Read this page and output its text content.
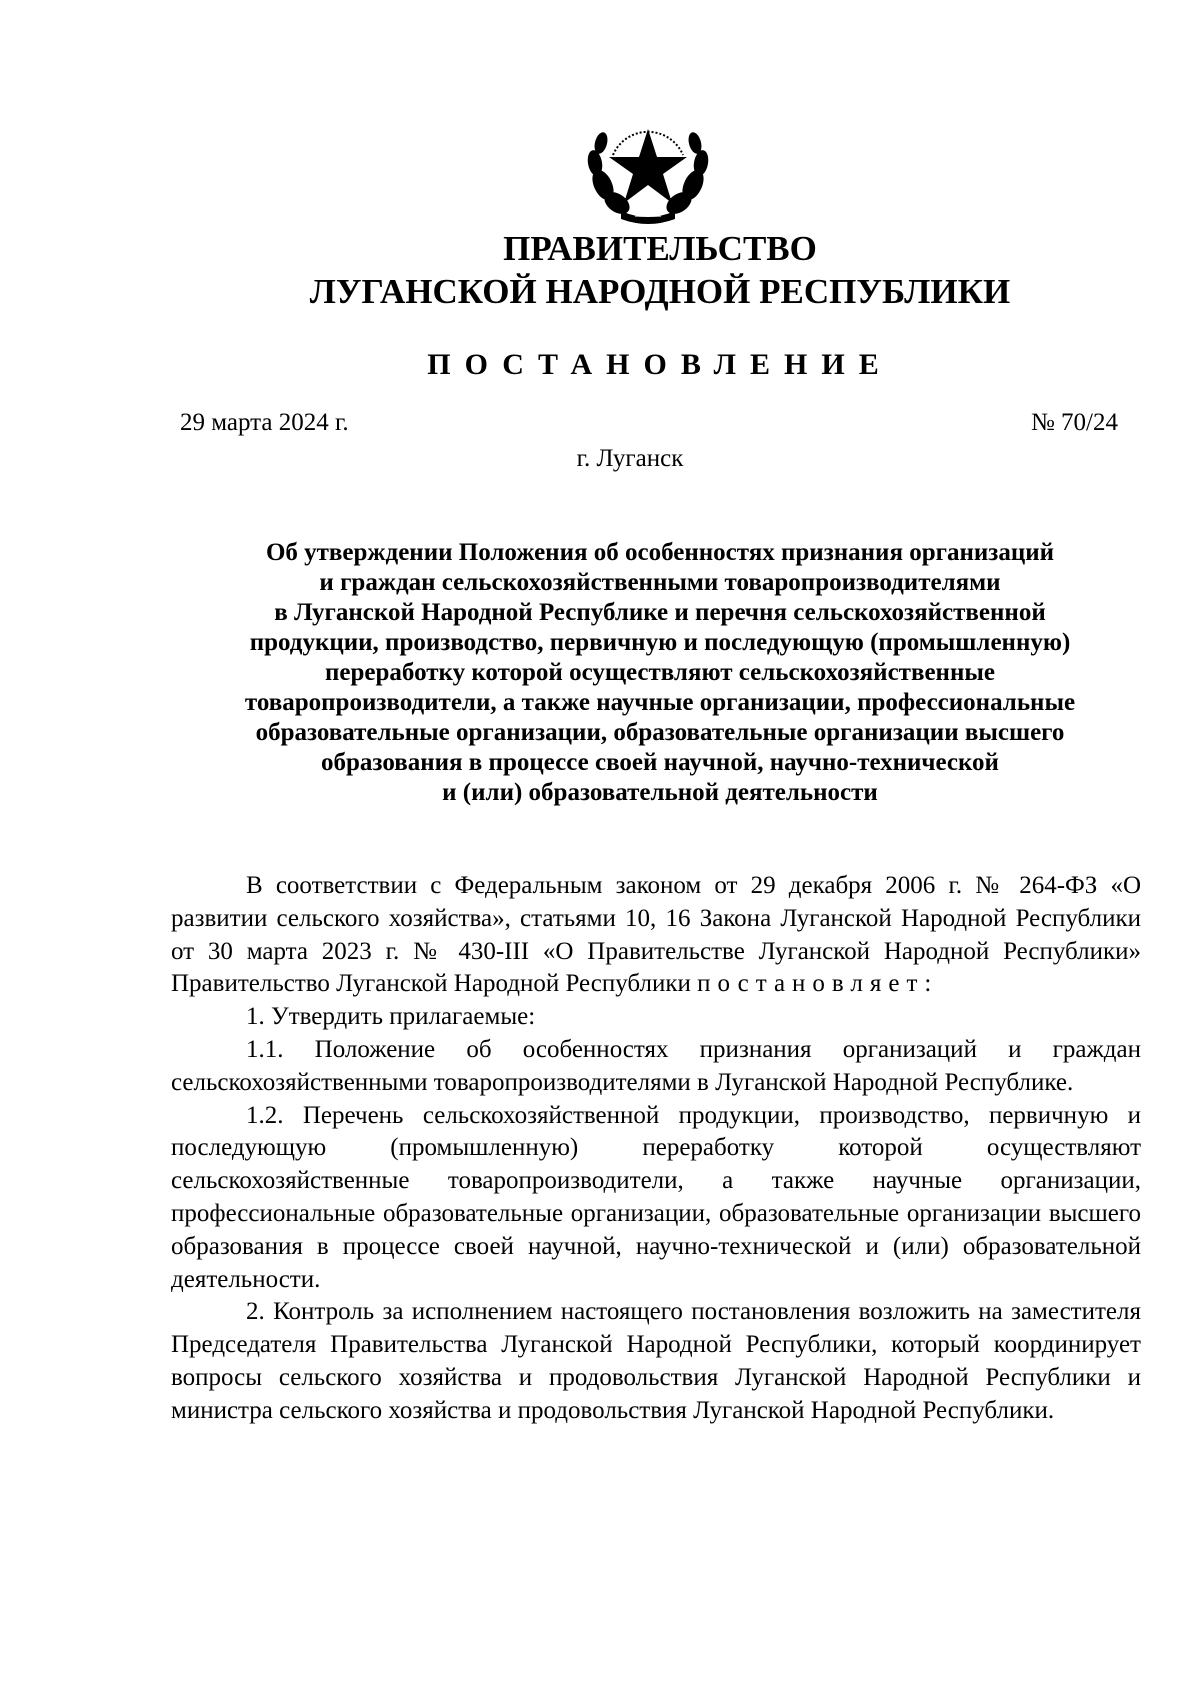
ПРАВИТЕЛЬСТВО
ЛУГАНСКОЙ НАРОДНОЙ РЕСПУБЛИКИ
ПОСТАНОВЛЕНИЕ
29 марта 2024 г.	№ 70/24
г. Луганск
Об утверждении Положения об особенностях признания организаций
и граждан сельскохозяйственными товаропроизводителями
в Луганской Народной Республике и перечня сельскохозяйственной
продукции, производство, первичную и последующую (промышленную)
переработку которой осуществляют сельскохозяйственные
товаропроизводители, а также научные организации, профессиональные
образовательные организации, образовательные организации высшего
образования в процессе своей научной, научно-технической
и (или) образовательной деятельности

В соответствии с Федеральным законом от 29 декабря 2006 г. № 264-ФЗ «О развитии сельского хозяйства», статьями 10, 16 Закона Луганской Народной Республики от 30 марта 2023 г. № 430-III «О Правительстве Луганской Народной Республики» Правительство Луганской Народной Республики постановляет:

1. Утвердить прилагаемые:

1.1. Положение об особенностях признания организаций и граждан сельскохозяйственными товаропроизводителями в Луганской Народной Республике.

1.2. Перечень сельскохозяйственной продукции, производство, первичную и последующую (промышленную) переработку которой осуществляют сельскохозяйственные товаропроизводители, а также научные организации, профессиональные образовательные организации, образовательные организации высшего образования в процессе своей научной, научно-технической и (или) образовательной деятельности.

2. Контроль за исполнением настоящего постановления возложить на заместителя Председателя Правительства Луганской Народной Республики, который координирует вопросы сельского хозяйства и продовольствия Луганской Народной Республики и министра сельского хозяйства и продовольствия Луганской Народной Республики.
